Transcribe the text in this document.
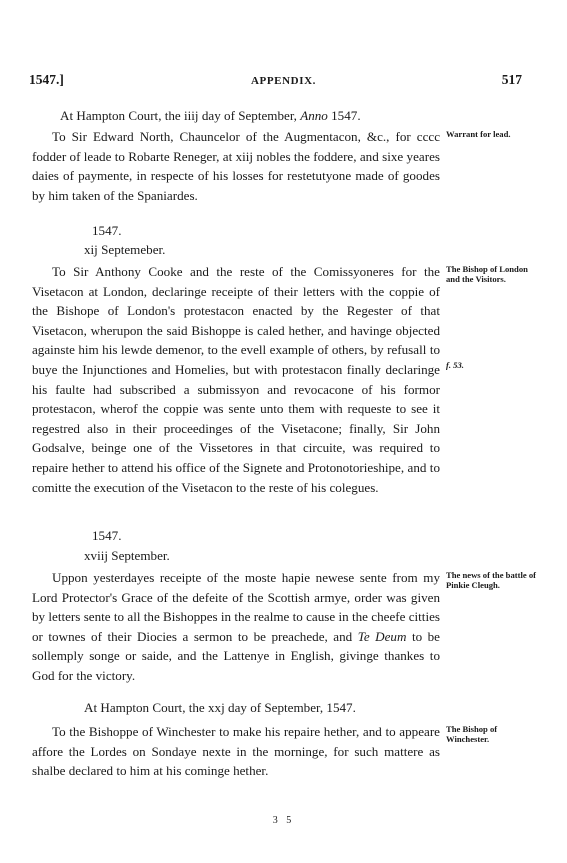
1547.]	APPENDIX.	517
At Hampton Court, the iiij day of September, Anno 1547.

To Sir Edward North, Chauncelor of the Augmentacon, &c., for cccc fodder of leade to Robarte Reneger, at xiij nobles the foddere, and sixe yeares daies of paymente, in respecte of his losses for restetutyone made of goodes by him taken of the Spaniardes.

Warrant for lead.
1547.
xij Septemeber.

To Sir Anthony Cooke and the reste of the Comissyoneres for the Visetacon at London, declaringe receipte of their letters with the coppie of the Bishope of London's protestacon enacted by the Regester of that Visetacon, wherupon the said Bishoppe is caled hether, and havinge objected againste him his lewde demenor, to the evell example of others, by refusall to buye the Injunctiones and Homelies, but with protestacon finally declaringe his faulte had subscribed a submissyon and revocacone of his formor protestacon, wherof the coppie was sente unto them with requeste to see it regestred also in their proceedinges of the Visetacone; finally, Sir John Godsalve, beinge one of the Vissetores in that circuite, was required to repaire hether to attend his office of the Signete and Protonotorieshipe, and to comitte the execution of the Visetacon to the reste of his colegues.

The Bishop of London and the Visitors.
f. 53.
1547.
xviij September.

Uppon yesterdayes receipte of the moste hapie newese sente from my Lord Protector's Grace of the defeite of the Scottish armye, order was given by letters sente to all the Bishoppes in the realme to cause in the cheefe citties or townes of their Diocies a sermon to be preachede, and Te Deum to be sollemply songe or saide, and the Lattenye in English, givinge thankes to God for the victory.

The news of the battle of Pinkie Cleugh.
At Hampton Court, the xxj day of September, 1547.

To the Bishoppe of Winchester to make his repaire hether, and to appeare affore the Lordes on Sondaye nexte in the morninge, for such mattere as shalbe declared to him at his cominge hether.

The Bishop of Winchester.
3 5
